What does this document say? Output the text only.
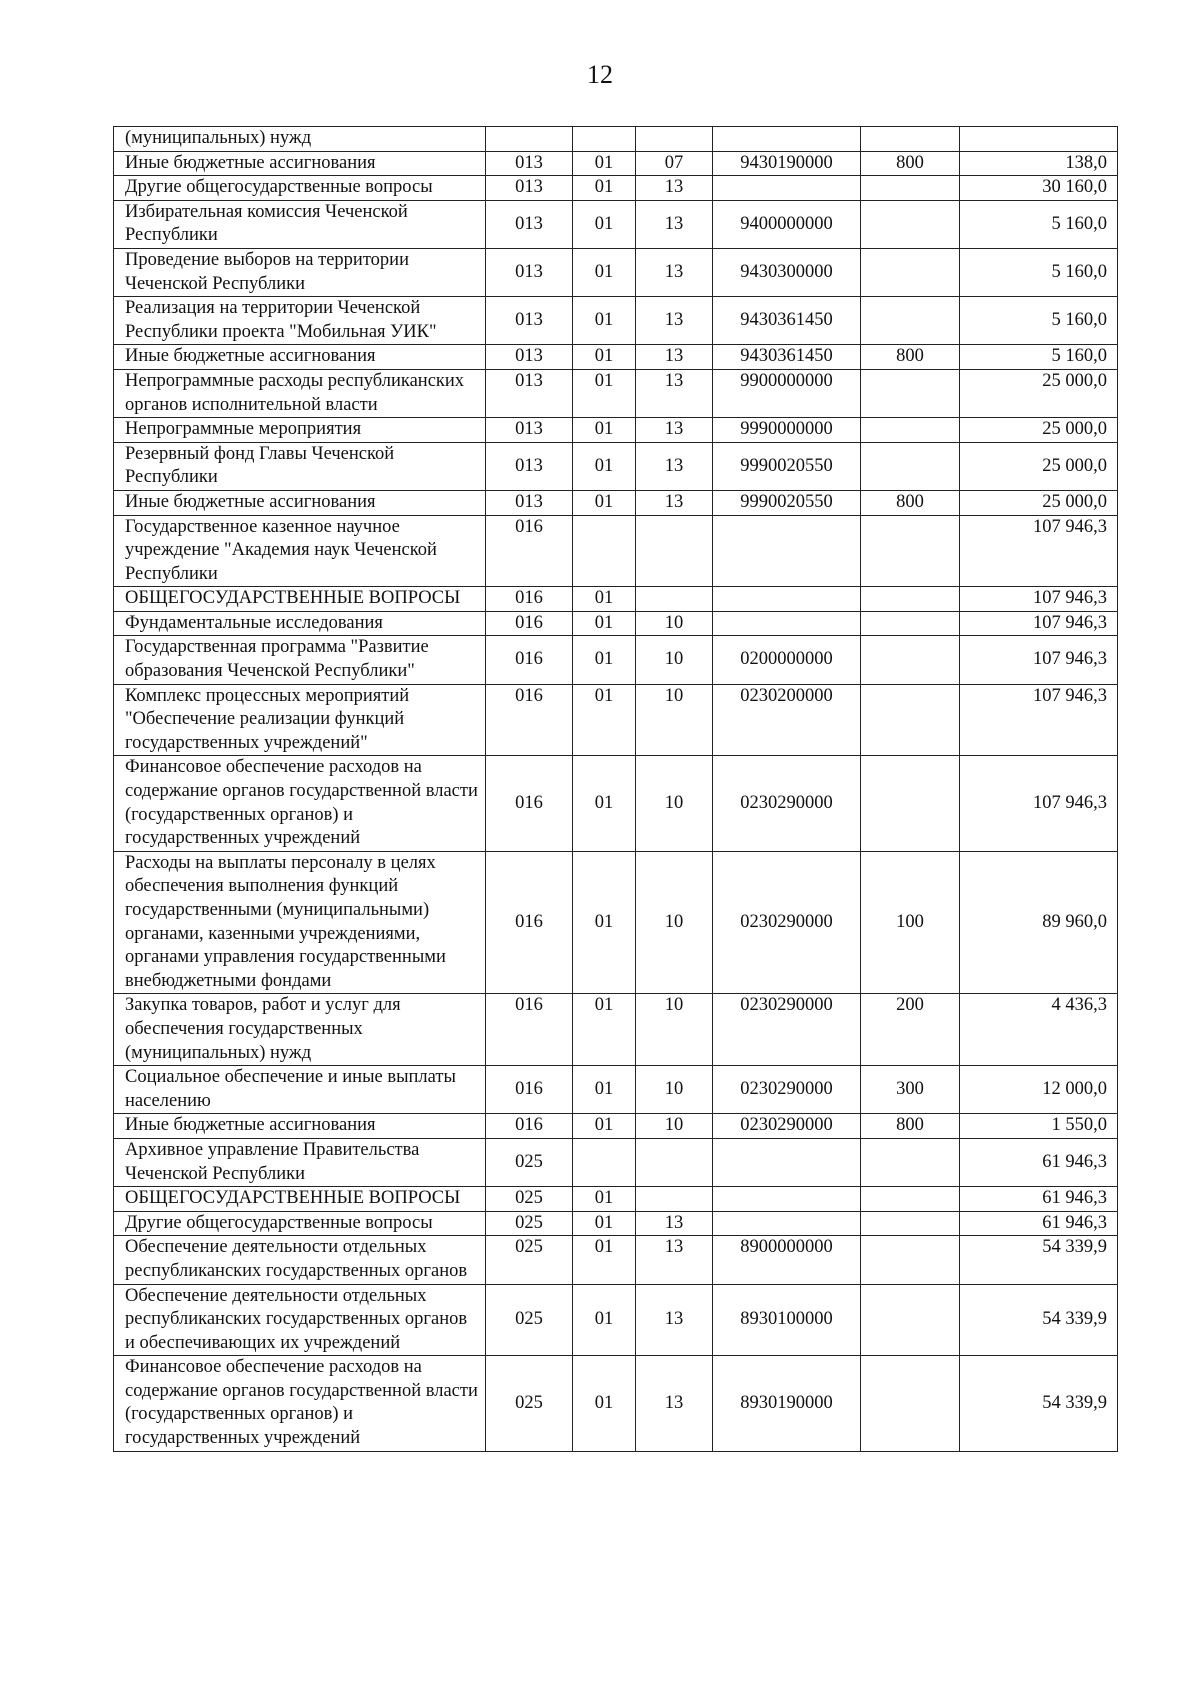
12
(муниципальных) нужд						
Иные бюджетные ассигнования	013	01	07	9430190000	800	138,0
Другие общегосударственные вопросы	013	01	13			30 160,0
Избирательная комиссия Чеченской Республики	013	01	13	9400000000		5 160,0
Проведение выборов на территории Чеченской Республики	013	01	13	9430300000		5 160,0
Реализация на территории Чеченской Республики проекта "Мобильная УИК"	013	01	13	9430361450		5 160,0
Иные бюджетные ассигнования	013	01	13	9430361450	800	5 160,0
Непрограммные расходы республиканских органов исполнительной власти	013	01	13	9900000000		25 000,0
Непрограммные мероприятия	013	01	13	9990000000		25 000,0
Резервный фонд Главы Чеченской Республики	013	01	13	9990020550		25 000,0
Иные бюджетные ассигнования	013	01	13	9990020550	800	25 000,0
Государственное казенное научное учреждение "Академия наук Чеченской Республики	016					107 946,3
ОБЩЕГОСУДАРСТВЕННЫЕ ВОПРОСЫ	016	01				107 946,3
Фундаментальные исследования	016	01	10			107 946,3
Государственная программа "Развитие образования Чеченской Республики"	016	01	10	0200000000		107 946,3
Комплекс процессных мероприятий "Обеспечение реализации функций государственных учреждений"	016	01	10	0230200000		107 946,3
Финансовое обеспечение расходов на содержание органов государственной власти (государственных органов) и государственных учреждений	016	01	10	0230290000		107 946,3
Расходы на выплаты персоналу в целях обеспечения выполнения функций государственными (муниципальными) органами, казенными учреждениями, органами управления государственными внебюджетными фондами	016	01	10	0230290000	100	89 960,0
Закупка товаров, работ и услуг для обеспечения государственных (муниципальных) нужд	016	01	10	0230290000	200	4 436,3
Социальное обеспечение и иные выплаты населению	016	01	10	0230290000	300	12 000,0
Иные бюджетные ассигнования	016	01	10	0230290000	800	1 550,0
Архивное управление Правительства Чеченской Республики	025					61 946,3
ОБЩЕГОСУДАРСТВЕННЫЕ ВОПРОСЫ	025	01				61 946,3
Другие общегосударственные вопросы	025	01	13			61 946,3
Обеспечение деятельности отдельных республиканских государственных органов	025	01	13	8900000000		54 339,9
Обеспечение деятельности отдельных республиканских государственных органов и обеспечивающих их учреждений	025	01	13	8930100000		54 339,9
Финансовое обеспечение расходов на содержание органов государственной власти (государственных органов) и государственных учреждений	025	01	13	8930190000		54 339,9
